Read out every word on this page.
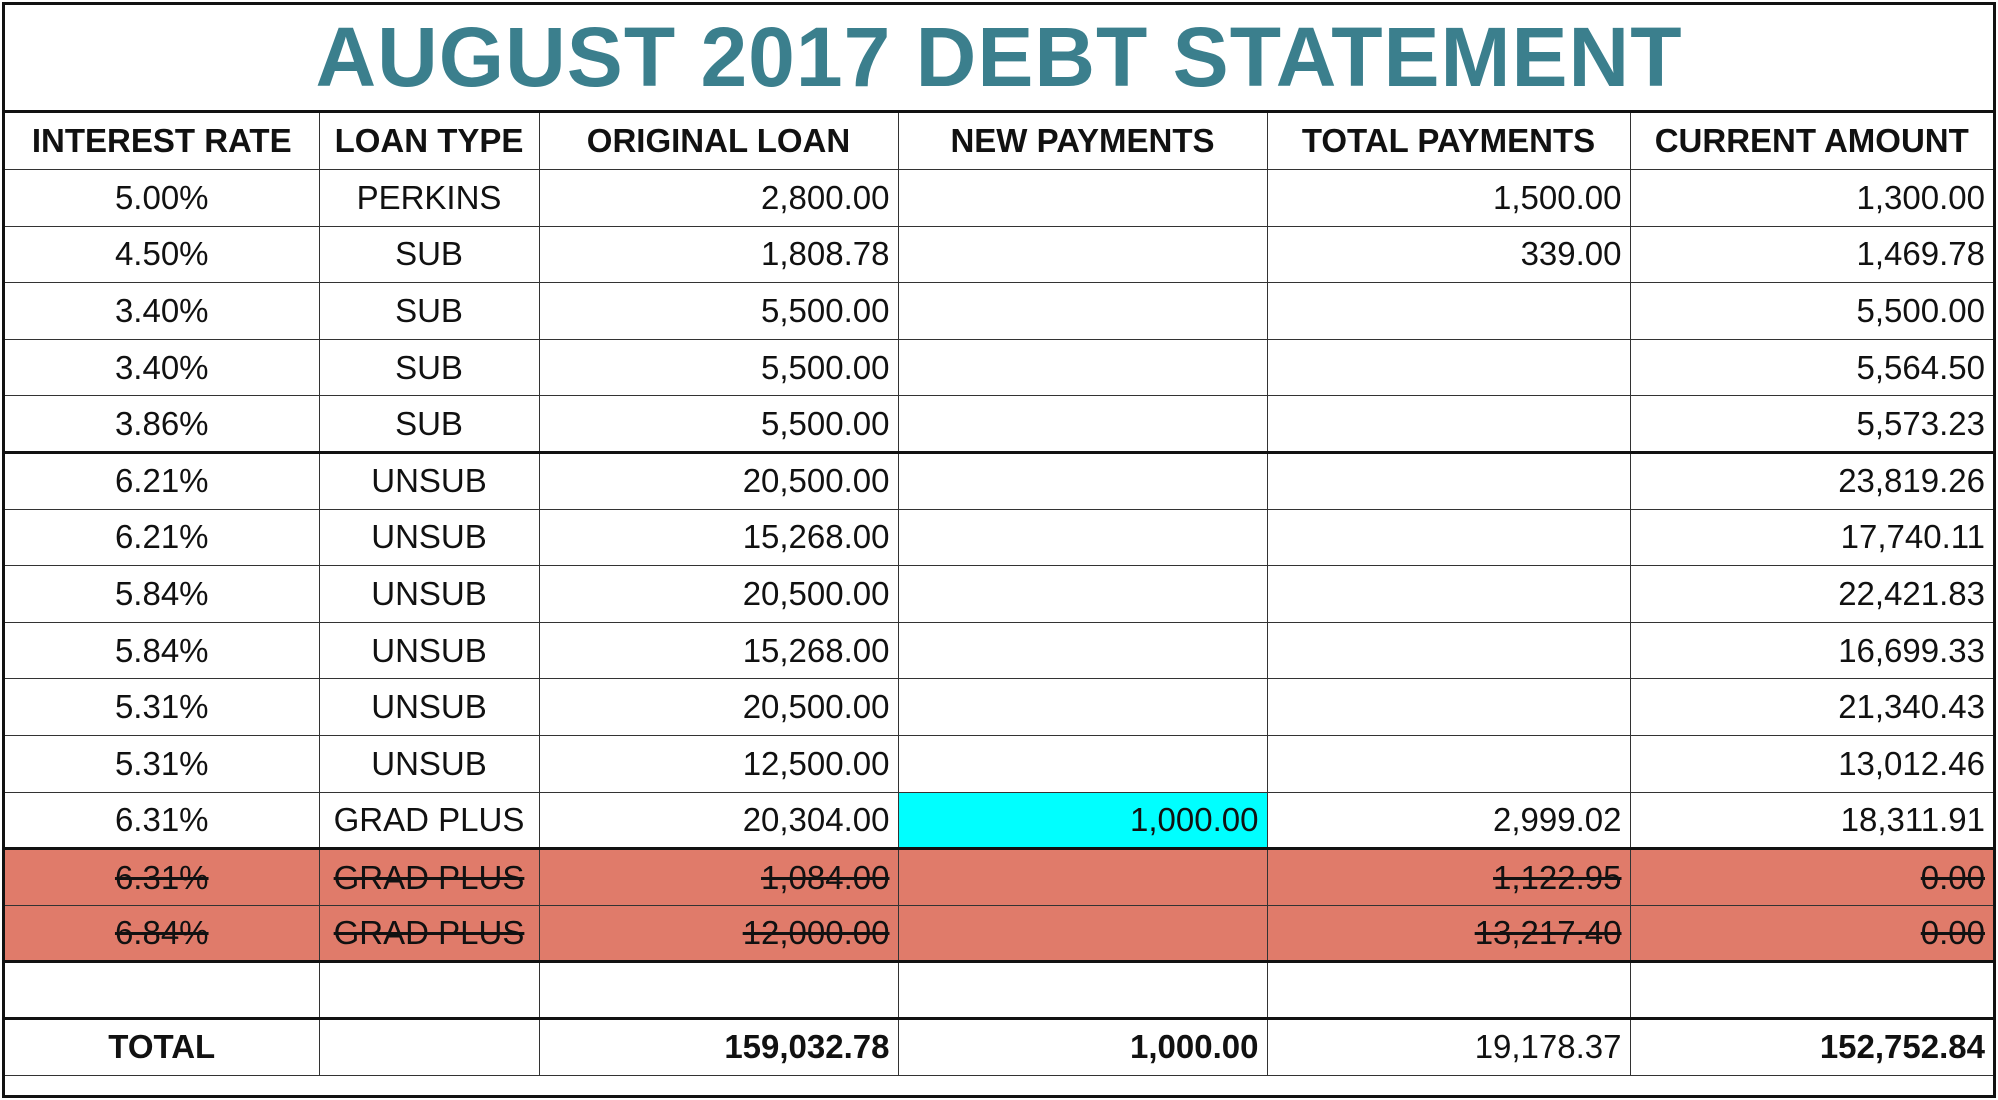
AUGUST 2017 DEBT STATEMENT
INTEREST RATE	LOAN TYPE	ORIGINAL LOAN	NEW PAYMENTS	TOTAL PAYMENTS	CURRENT AMOUNT
5.00%	PERKINS	2,800.00		1,500.00	1,300.00
4.50%	SUB	1,808.78		339.00	1,469.78
3.40%	SUB	5,500.00			5,500.00
3.40%	SUB	5,500.00			5,564.50
3.86%	SUB	5,500.00			5,573.23
6.21%	UNSUB	20,500.00			23,819.26
6.21%	UNSUB	15,268.00			17,740.11
5.84%	UNSUB	20,500.00			22,421.83
5.84%	UNSUB	15,268.00			16,699.33
5.31%	UNSUB	20,500.00			21,340.43
5.31%	UNSUB	12,500.00			13,012.46
6.31%	GRAD PLUS	20,304.00	1,000.00	2,999.02	18,311.91
6.31%	GRAD PLUS	1,084.00		1,122.95	0.00
6.84%	GRAD PLUS	12,000.00		13,217.40	0.00

TOTAL		159,032.78	1,000.00	19,178.37	152,752.84
